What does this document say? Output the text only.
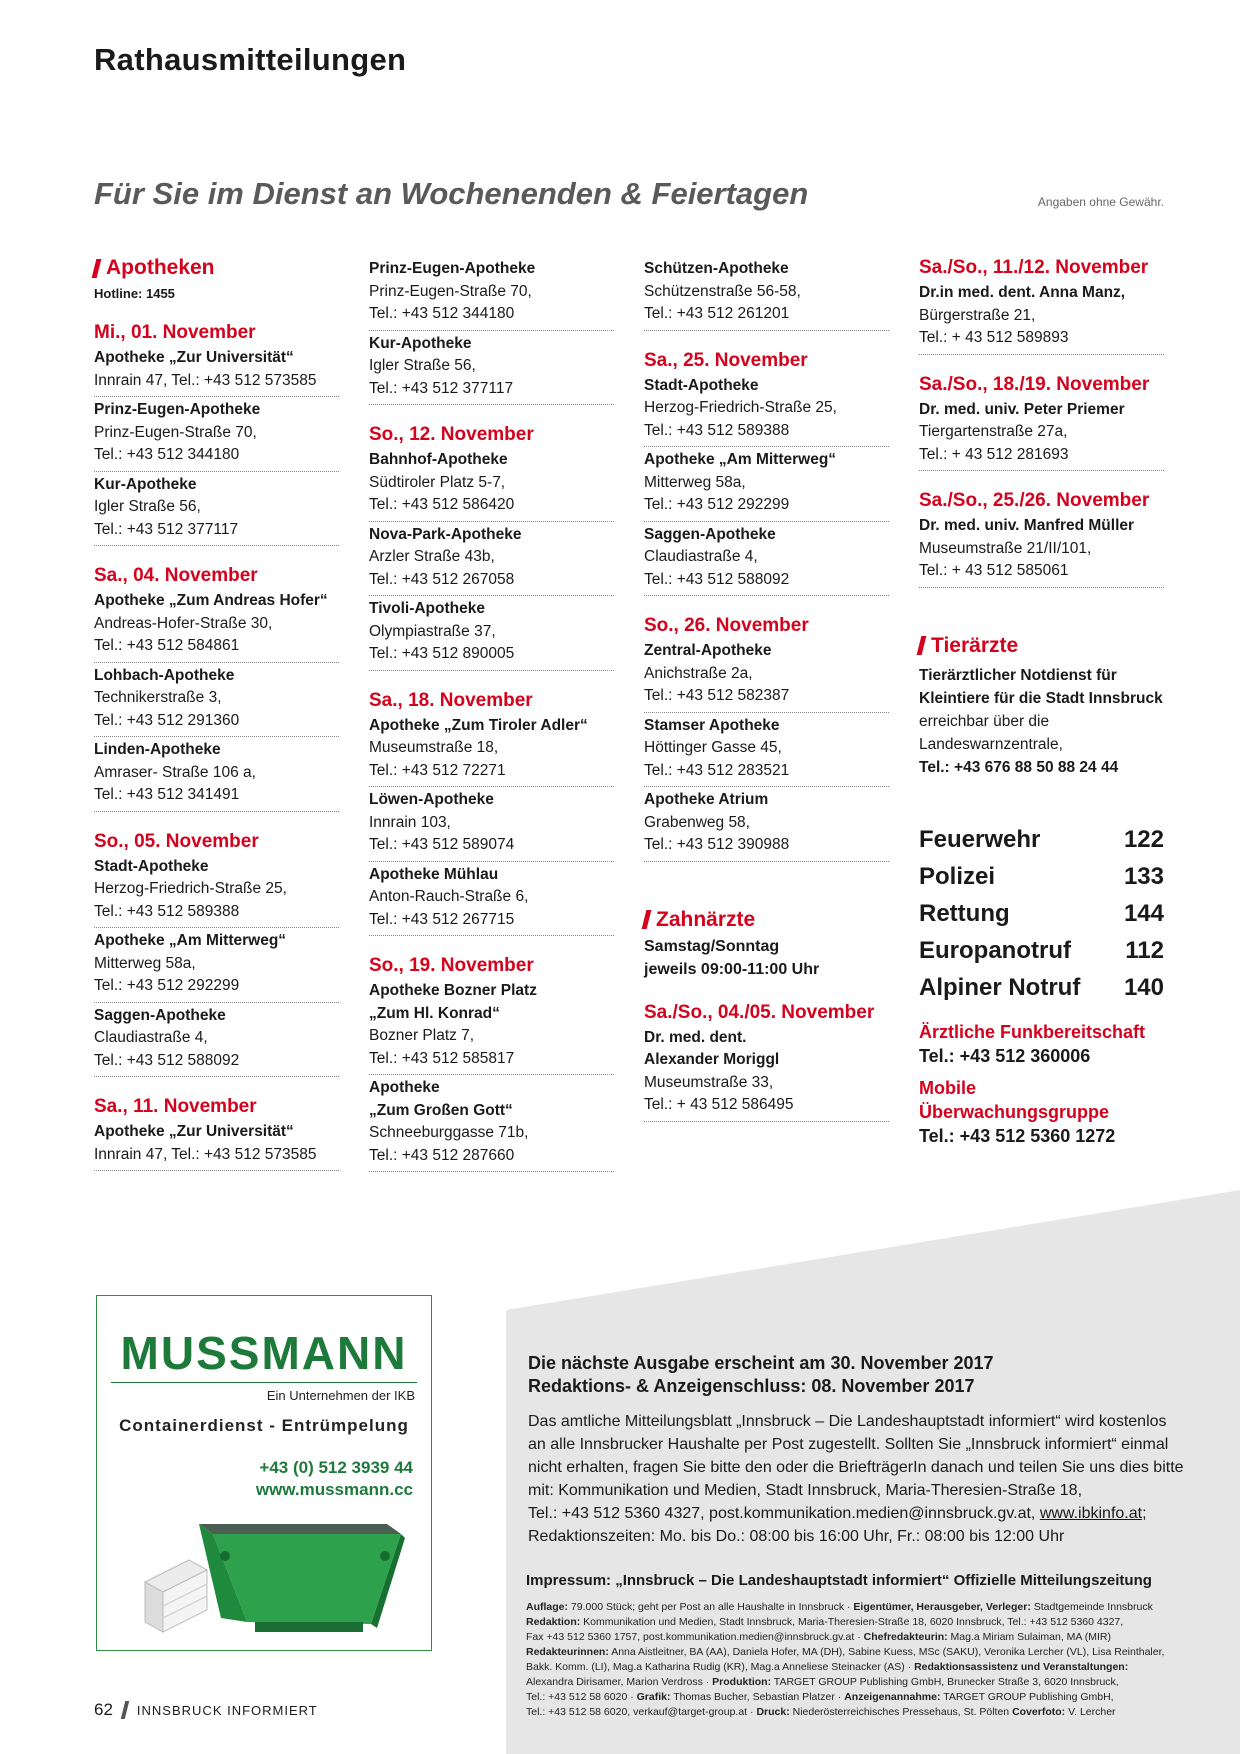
Rathausmitteilungen
Für Sie im Dienst an Wochenenden & Feiertagen	Angaben ohne Gewähr.
Apotheken
Hotline: 1455
Mi., 01. November
Apotheke „Zur Universität“
Innrain 47, Tel.: +43 512 573585
Prinz-Eugen-Apotheke
Prinz-Eugen-Straße 70,
Tel.: +43 512 344180
Kur-Apotheke
Igler Straße 56,
Tel.: +43 512 377117
Sa., 04. November
Apotheke „Zum Andreas Hofer“
Andreas-Hofer-Straße 30,
Tel.: +43 512 584861
Lohbach-Apotheke
Technikerstraße 3,
Tel.: +43 512 291360
Linden-Apotheke
Amraser- Straße 106 a,
Tel.: +43 512 341491
So., 05. November
Stadt-Apotheke
Herzog-Friedrich-Straße 25,
Tel.: +43 512 589388
Apotheke „Am Mitterweg“
Mitterweg 58a,
Tel.: +43 512 292299
Saggen-Apotheke
Claudiastraße 4,
Tel.: +43 512 588092
Sa., 11. November
Apotheke „Zur Universität“
Innrain 47, Tel.: +43 512 573585
Prinz-Eugen-Apotheke
Prinz-Eugen-Straße 70,
Tel.: +43 512 344180
Kur-Apotheke
Igler Straße 56,
Tel.: +43 512 377117
So., 12. November
Bahnhof-Apotheke
Südtiroler Platz 5-7,
Tel.: +43 512 586420
Nova-Park-Apotheke
Arzler Straße 43b,
Tel.: +43 512 267058
Tivoli-Apotheke
Olympiastraße 37,
Tel.: +43 512 890005
Sa., 18. November
Apotheke „Zum Tiroler Adler“
Museumstraße 18,
Tel.: +43 512 72271
Löwen-Apotheke
Innrain 103,
Tel.: +43 512 589074
Apotheke Mühlau
Anton-Rauch-Straße 6,
Tel.: +43 512 267715
So., 19. November
Apotheke Bozner Platz
„Zum Hl. Konrad“
Bozner Platz 7,
Tel.: +43 512 585817
Apotheke
„Zum Großen Gott“
Schneeburggasse 71b,
Tel.: +43 512 287660
Schützen-Apotheke
Schützenstraße 56-58,
Tel.: +43 512 261201
Sa., 25. November
Stadt-Apotheke
Herzog-Friedrich-Straße 25,
Tel.: +43 512 589388
Apotheke „Am Mitterweg“
Mitterweg 58a,
Tel.: +43 512 292299
Saggen-Apotheke
Claudiastraße 4,
Tel.: +43 512 588092
So., 26. November
Zentral-Apotheke
Anichstraße 2a,
Tel.: +43 512 582387
Stamser Apotheke
Höttinger Gasse 45,
Tel.: +43 512 283521
Apotheke Atrium
Grabenweg 58,
Tel.: +43 512 390988
Zahnärzte
Samstag/Sonntag
jeweils 09:00-11:00 Uhr
Sa./So., 04./05. November
Dr. med. dent.
Alexander Moriggl
Museumstraße 33,
Tel.: + 43 512 586495
Sa./So., 11./12. November
Dr.in med. dent. Anna Manz,
Bürgerstraße 21,
Tel.: + 43 512 589893
Sa./So., 18./19. November
Dr. med. univ. Peter Priemer
Tiergartenstraße 27a,
Tel.: + 43 512 281693
Sa./So., 25./26. November
Dr. med. univ. Manfred Müller
Museumstraße 21/II/101,
Tel.: + 43 512 585061
Tierärzte
Tierärztlicher Notdienst für Kleintiere für die Stadt Innsbruck
erreichbar über die Landeswarnzentrale,
Tel.: +43 676 88 50 88 24 44
Feuerwehr	122
Polizei	133
Rettung	144
Europanotruf 112
Alpiner Notruf 140
Ärztliche Funkbereitschaft
Tel.: +43 512 360006
Mobile Überwachungsgruppe
Tel.: +43 512 5360 1272
MUSSMANN
Ein Unternehmen der IKB
Containerdienst - Entrümpelung
+43 (0) 512 3939 44
www.mussmann.cc
Die nächste Ausgabe erscheint am 30. November 2017
Redaktions- & Anzeigenschluss: 08. November 2017
Das amtliche Mitteilungsblatt „Innsbruck – Die Landeshauptstadt informiert“ wird kostenlos an alle Innsbrucker Haushalte per Post zugestellt. Sollten Sie „Innsbruck informiert“ einmal nicht erhalten, fragen Sie bitte den oder die BriefträgerIn danach und teilen Sie uns dies bitte mit: Kommunikation und Medien, Stadt Innsbruck, Maria-Theresien-Straße 18,
Tel.: +43 512 5360 4327, post.kommunikation.medien@innsbruck.gv.at, www.ibkinfo.at;
Redaktionszeiten: Mo. bis Do.: 08:00 bis 16:00 Uhr, Fr.: 08:00 bis 12:00 Uhr
Impressum: „Innsbruck – Die Landeshauptstadt informiert“ Offizielle Mitteilungszeitung
Auflage: 79.000 Stück; geht per Post an alle Haushalte in Innsbruck · Eigentümer, Herausgeber, Verleger: Stadtgemeinde Innsbruck
Redaktion: Kommunikation und Medien, Stadt Innsbruck, Maria-Theresien-Straße 18, 6020 Innsbruck, Tel.: +43 512 5360 4327,
Fax +43 512 5360 1757, post.kommunikation.medien@innsbruck.gv.at · Chefredakteurin: Mag.a Miriam Sulaiman, MA (MIR)
Redakteurinnen: Anna Aistleitner, BA (AA), Daniela Hofer, MA (DH), Sabine Kuess, MSc (SAKU), Veronika Lercher (VL), Lisa Reinthaler,
Bakk. Komm. (LI), Mag.a Katharina Rudig (KR), Mag.a Anneliese Steinacker (AS) · Redaktionsassistenz und Veranstaltungen:
Alexandra Dirisamer, Marion Verdross · Produktion: TARGET GROUP Publishing GmbH, Brunecker Straße 3, 6020 Innsbruck,
Tel.: +43 512 58 6020 · Grafik: Thomas Bucher, Sebastian Platzer · Anzeigenannahme: TARGET GROUP Publishing GmbH,
Tel.: +43 512 58 6020, verkauf@target-group.at · Druck: Niederösterreichisches Pressehaus, St. Pölten Coverfoto: V. Lercher
62 INNSBRUCK INFORMIERT
